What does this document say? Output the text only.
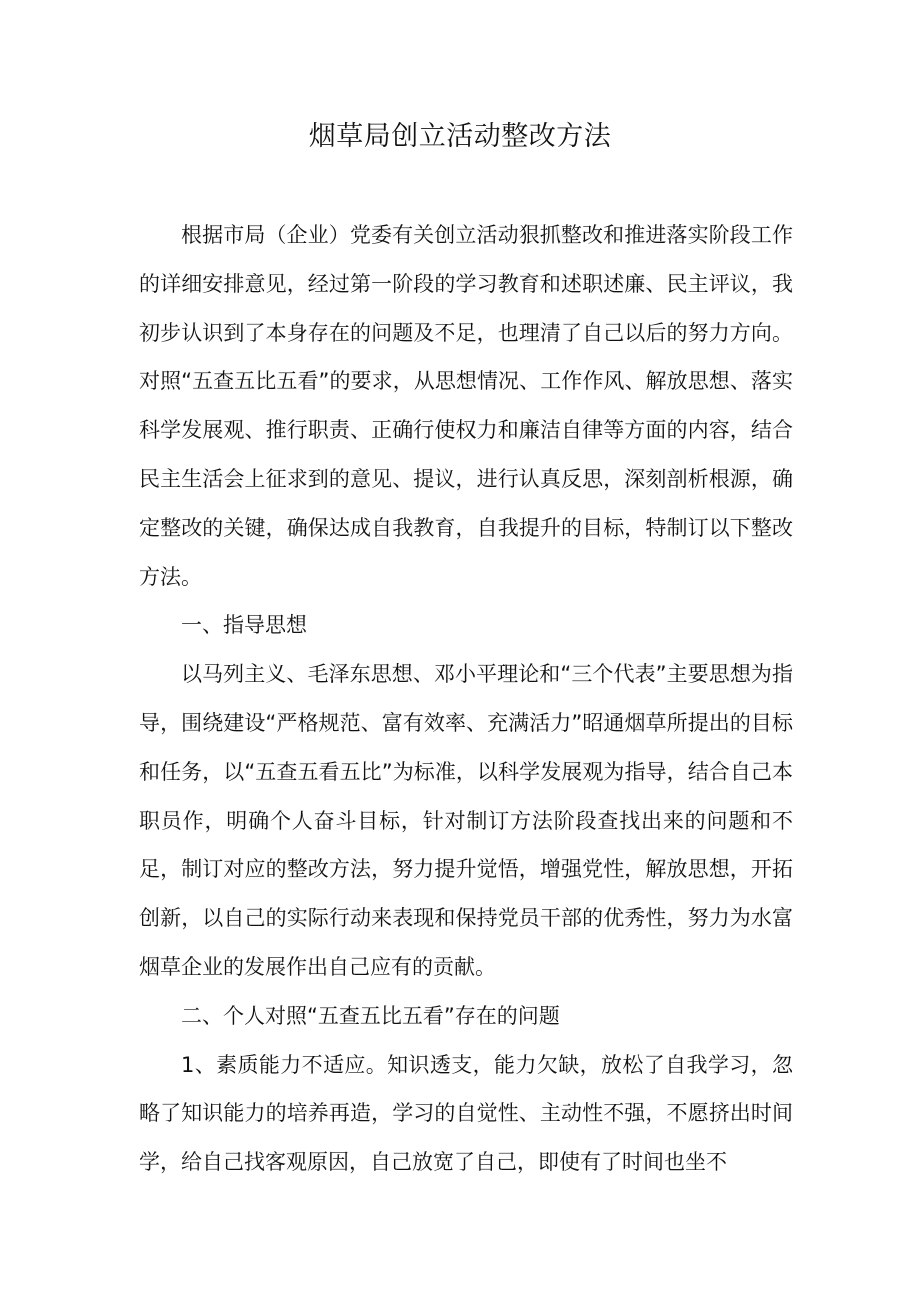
烟草局创立活动整改方法

根据市局（企业）党委有关创立活动狠抓整改和推进落实阶段工作的详细安排意见，经过第一阶段的学习教育和述职述廉、民主评议，我初步认识到了本身存在的问题及不足，也理清了自己以后的努力方向。对照“五查五比五看”的要求，从思想情况、工作作风、解放思想、落实科学发展观、推行职责、正确行使权力和廉洁自律等方面的内容，结合民主生活会上征求到的意见、提议，进行认真反思，深刻剖析根源，确定整改的关键，确保达成自我教育，自我提升的目标，特制订以下整改方法。

一、指导思想

以马列主义、毛泽东思想、邓小平理论和“三个代表”主要思想为指导，围绕建设“严格规范、富有效率、充满活力”昭通烟草所提出的目标和任务，以“五查五看五比”为标准，以科学发展观为指导，结合自己本职员作，明确个人奋斗目标，针对制订方法阶段查找出来的问题和不足，制订对应的整改方法，努力提升觉悟，增强党性，解放思想，开拓创新，以自己的实际行动来表现和保持党员干部的优秀性，努力为水富烟草企业的发展作出自己应有的贡献。

二、个人对照“五查五比五看”存在的问题

1、素质能力不适应。知识透支，能力欠缺，放松了自我学习，忽略了知识能力的培养再造，学习的自觉性、主动性不强，不愿挤出时间学，给自己找客观原因，自己放宽了自己，即使有了时间也坐不
